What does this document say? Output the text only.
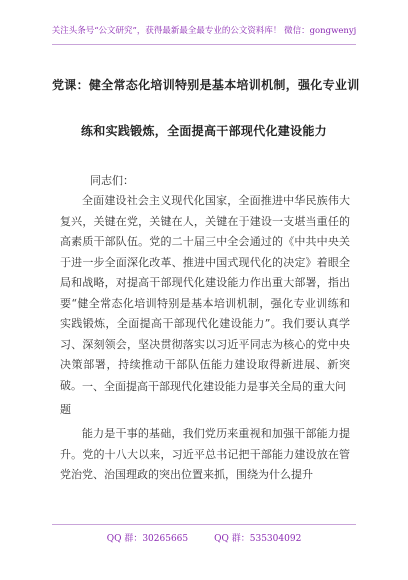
关注头条号“公文研究”，获得最新最全最专业的公文资料库！ 微信：gongwenyj
党课：健全常态化培训特别是基本培训机制，强化专业训
练和实践锻炼，全面提高干部现代化建设能力
同志们：
全面建设社会主义现代化国家，全面推进中华民族伟大复兴，关键在党，关键在人，关键在于建设一支堪当重任的高素质干部队伍。党的二十届三中全会通过的《中共中央关于进一步全面深化改革、推进中国式现代化的决定》着眼全局和战略，对提高干部现代化建设能力作出重大部署，指出要“健全常态化培训特别是基本培训机制，强化专业训练和实践锻炼，全面提高干部现代化建设能力”。我们要认真学习、深刻领会，坚决贯彻落实以习近平同志为核心的党中央决策部署，持续推动干部队伍能力建设取得新进展、新突破。 一、全面提高干部现代化建设能力是事关全局的重大问题
能力是干事的基础，我们党历来重视和加强干部能力提升。党的十八大以来，习近平总书记把干部能力建设放在管党治党、治国理政的突出位置来抓，围绕为什么提升
QQ 群：30265665	QQ 群：535304092
